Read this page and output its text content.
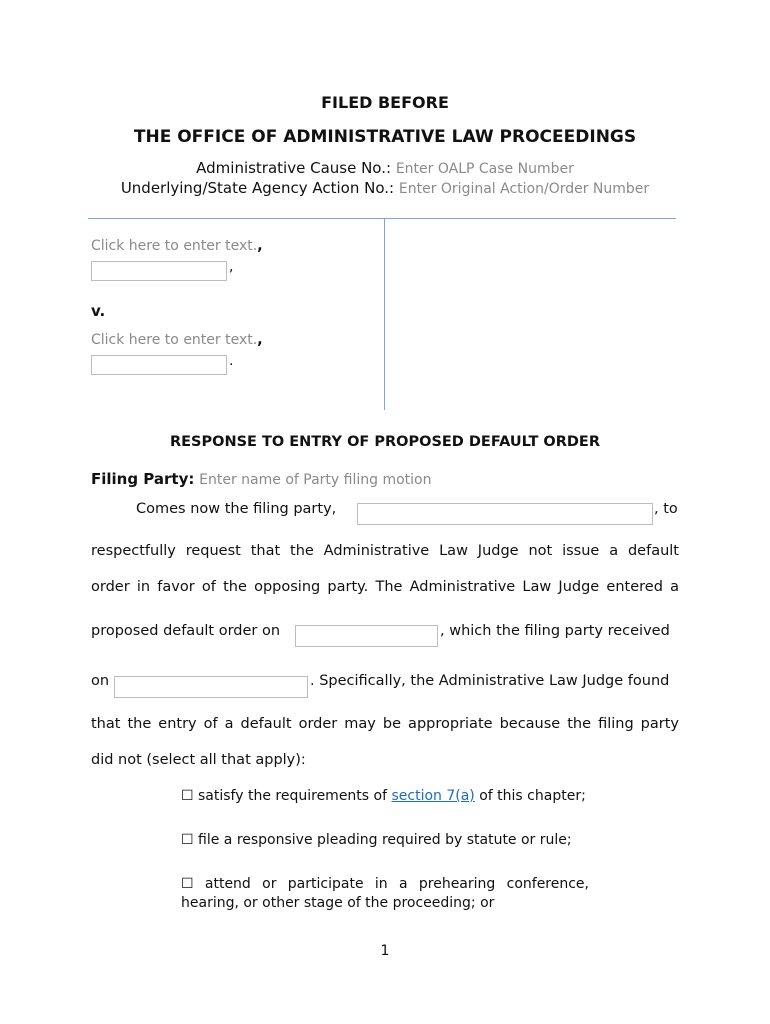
FILED BEFORE
THE OFFICE OF ADMINISTRATIVE LAW PROCEEDINGS
Administrative Cause No.: Enter OALP Case Number
Underlying/State Agency Action No.: Enter Original Action/Order Number
Click here to enter text.,
,
v.
Click here to enter text.,
.
RESPONSE TO ENTRY OF PROPOSED DEFAULT ORDER
Filing Party: Enter name of Party filing motion
Comes now the filing party,	, to
respectfully request that the Administrative Law Judge not issue a default
order in favor of the opposing party. The Administrative Law Judge entered a
proposed default order on	, which the filing party received
on	. Specifically, the Administrative Law Judge found
that the entry of a default order may be appropriate because the filing party
did not (select all that apply):
☐ satisfy the requirements of section 7(a) of this chapter;
☐ file a responsive pleading required by statute or rule;
☐ attend or participate in a prehearing conference, hearing, or other stage of the proceeding; or
1
